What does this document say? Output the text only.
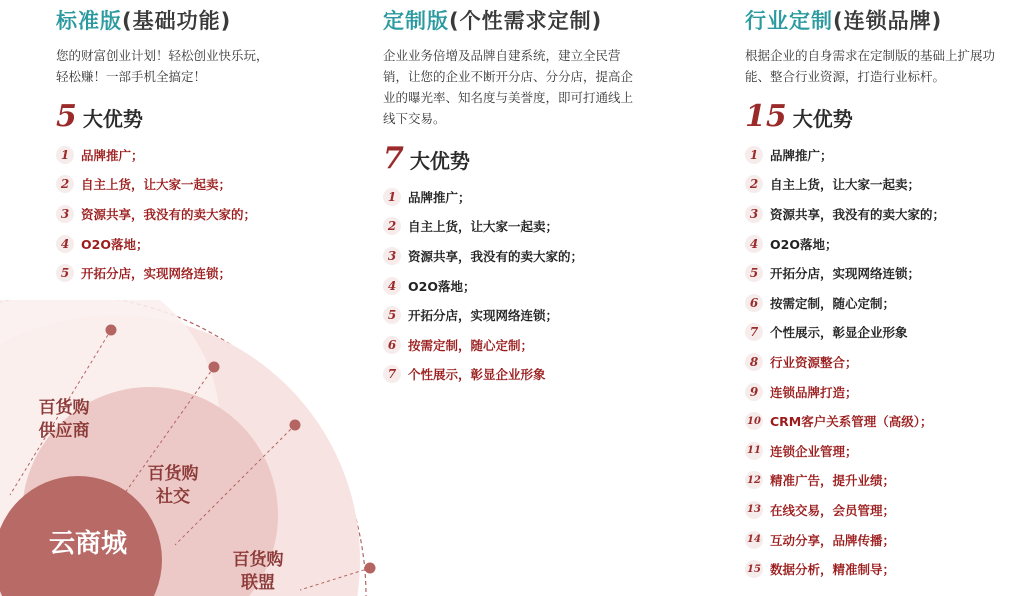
标准版(基础功能)
您的财富创业计划！轻松创业快乐玩，轻松赚！一部手机全搞定！
5 大优势
1 品牌推广；
2 自主上货，让大家一起卖；
3 资源共享，我没有的卖大家的；
4 O2O落地；
5 开拓分店，实现网络连锁；
定制版(个性需求定制)
企业业务倍增及品牌自建系统，建立全民营销，让您的企业不断开分店、分分店，提高企业的曝光率、知名度与美誉度，即可打通线上线下交易。
7 大优势
1 品牌推广；
2 自主上货，让大家一起卖；
3 资源共享，我没有的卖大家的；
4 O2O落地；
5 开拓分店，实现网络连锁；
6 按需定制，随心定制；
7 个性展示，彰显企业形象
行业定制(连锁品牌)
根据企业的自身需求在定制版的基础上扩展功能、整合行业资源，打造行业标杆。
15 大优势
1 品牌推广；
2 自主上货，让大家一起卖；
3 资源共享，我没有的卖大家的；
4 O2O落地；
5 开拓分店，实现网络连锁；
6 按需定制，随心定制；
7 个性展示，彰显企业形象
8 行业资源整合；
9 连锁品牌打造；
10 CRM客户关系管理（高级）；
11 连锁企业管理；
12 精准广告，提升业绩；
13 在线交易，会员管理；
14 互动分享，品牌传播；
15 数据分析，精准制导；
百货购
供应商
百货购
社交
云商城
百货购
联盟
